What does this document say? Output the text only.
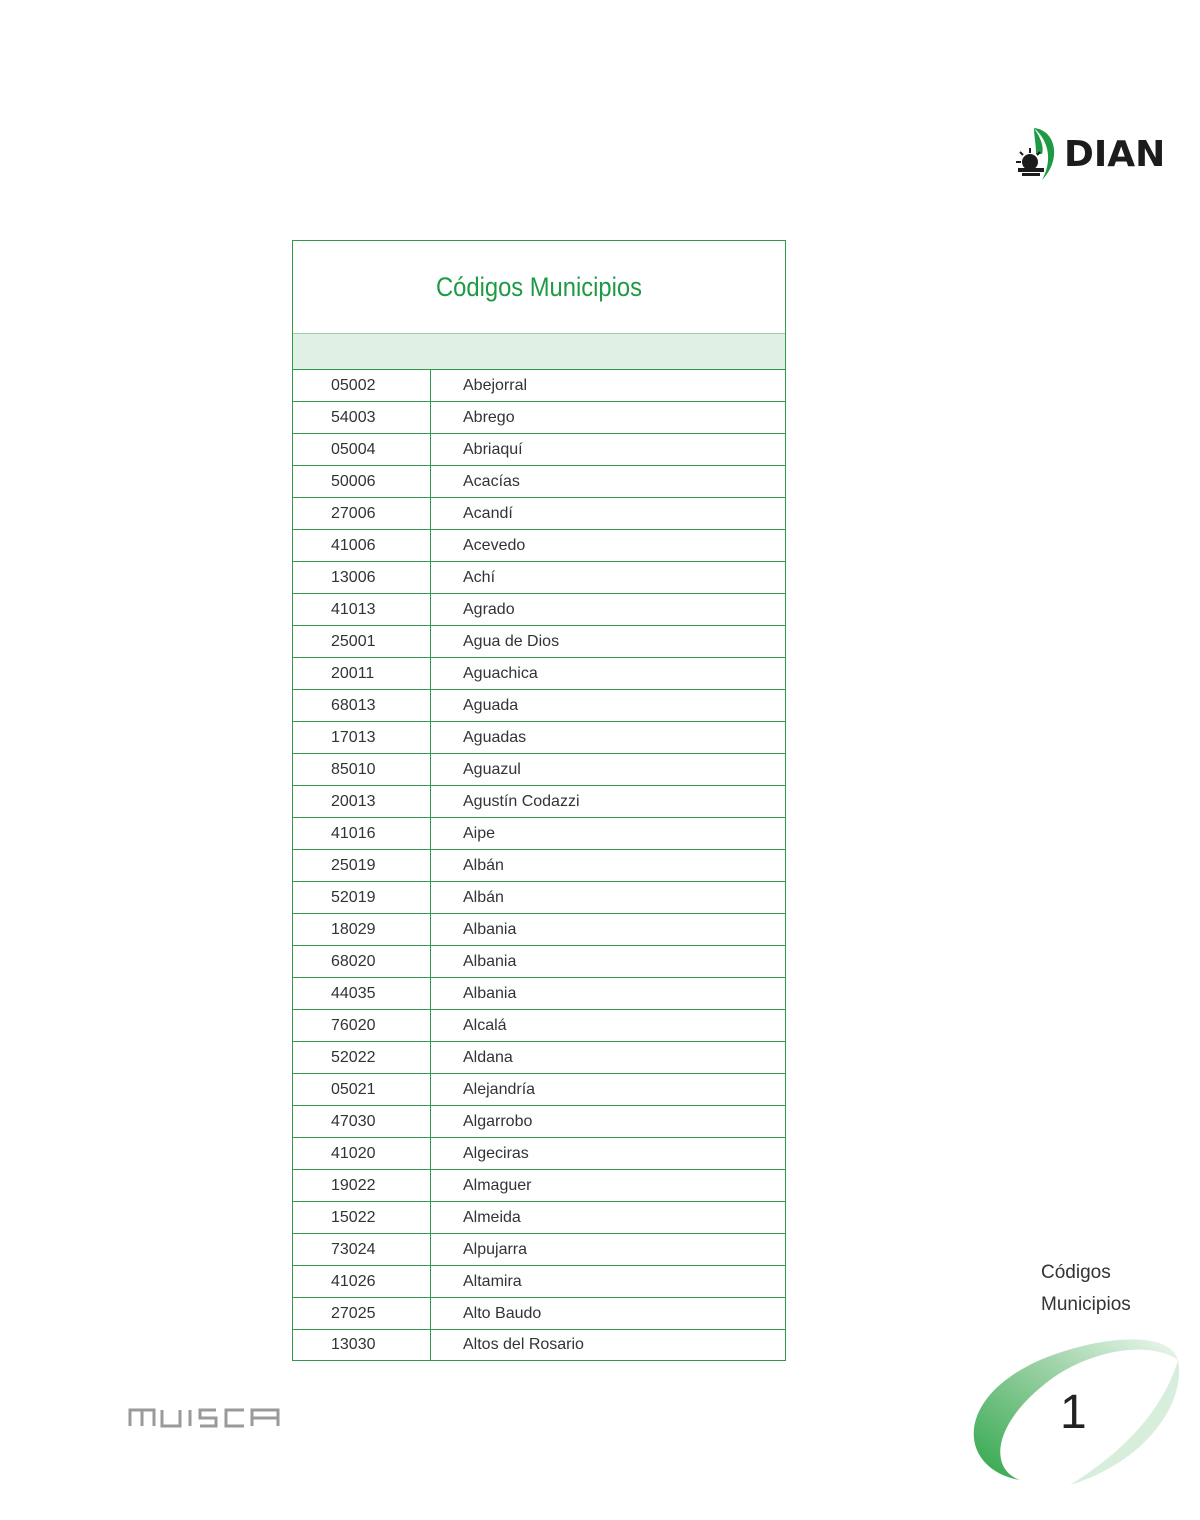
DIAN
Códigos Municipios
05002	Abejorral
54003	Abrego
05004	Abriaquí
50006	Acacías
27006	Acandí
41006	Acevedo
13006	Achí
41013	Agrado
25001	Agua de Dios
20011	Aguachica
68013	Aguada
17013	Aguadas
85010	Aguazul
20013	Agustín Codazzi
41016	Aipe
25019	Albán
52019	Albán
18029	Albania
68020	Albania
44035	Albania
76020	Alcalá
52022	Aldana
05021	Alejandría
47030	Algarrobo
41020	Algeciras
19022	Almaguer
15022	Almeida
73024	Alpujarra
41026	Altamira
27025	Alto Baudo
13030	Altos del Rosario
Códigos
Municipios
1
